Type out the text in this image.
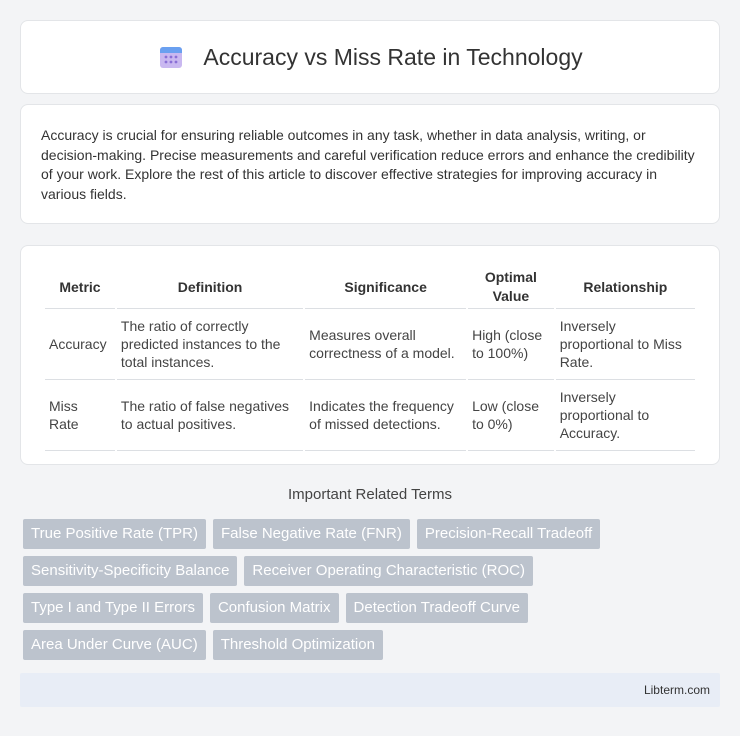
Accuracy vs Miss Rate in Technology

Accuracy is crucial for ensuring reliable outcomes in any task, whether in data analysis, writing, or decision-making. Precise measurements and careful verification reduce errors and enhance the credibility of your work. Explore the rest of this article to discover effective strategies for improving accuracy in various fields.

Metric	Definition	Significance	Optimal Value	Relationship
Accuracy	The ratio of correctly predicted instances to the total instances.	Measures overall correctness of a model.	High (close to 100%)	Inversely proportional to Miss Rate.
Miss Rate	The ratio of false negatives to actual positives.	Indicates the frequency of missed detections.	Low (close to 0%)	Inversely proportional to Accuracy.
Important Related Terms
True Positive Rate (TPR)	False Negative Rate (FNR)	Precision-Recall Tradeoff
Sensitivity-Specificity Balance	Receiver Operating Characteristic (ROC)
Type I and Type II Errors	Confusion Matrix	Detection Tradeoff Curve
Area Under Curve (AUC)	Threshold Optimization
Libterm.com
